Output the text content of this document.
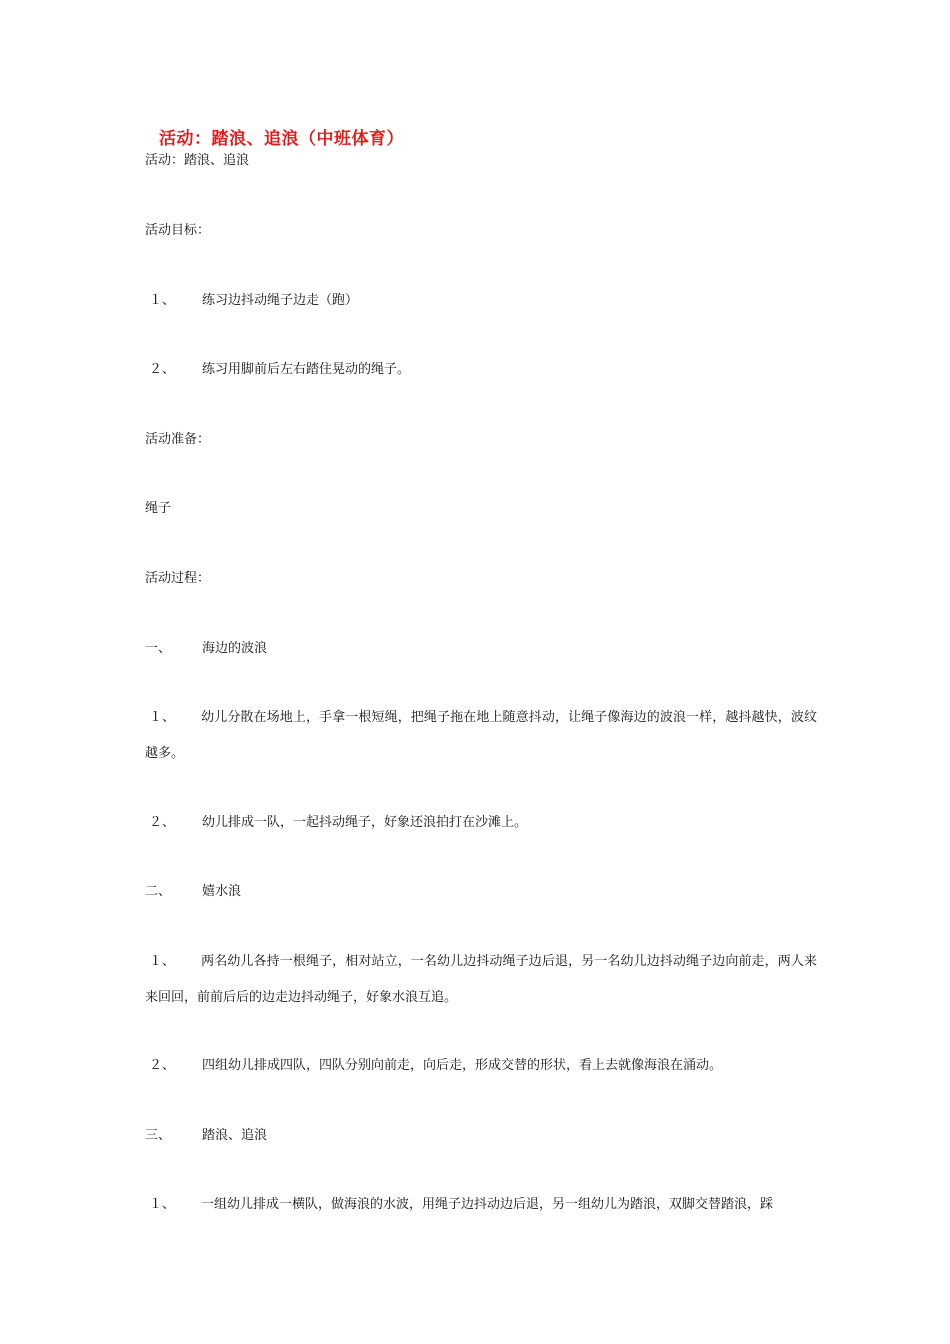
活动：踏浪、追浪（中班体育）
活动：踏浪、追浪
活动目标：
１、 练习边抖动绳子边走（跑）
２、 练习用脚前后左右踏住晃动的绳子。
活动准备：
绳子
活动过程：
一、 海边的波浪
１、 幼儿分散在场地上，手拿一根短绳，把绳子拖在地上随意抖动，让绳子像海边的波浪一样，越抖越快，波纹越多。
２、 幼儿排成一队，一起抖动绳子，好象还浪拍打在沙滩上。
二、 嬉水浪
１、 两名幼儿各持一根绳子，相对站立，一名幼儿边抖动绳子边后退，另一名幼儿边抖动绳子边向前走，两人来来回回，前前后后的边走边抖动绳子，好象水浪互追。
２、 四组幼儿排成四队，四队分别向前走，向后走，形成交替的形状，看上去就像海浪在涌动。
三、 踏浪、追浪
１、 一组幼儿排成一横队，做海浪的水波，用绳子边抖动边后退，另一组幼儿为踏浪，双脚交替踏浪，踩
